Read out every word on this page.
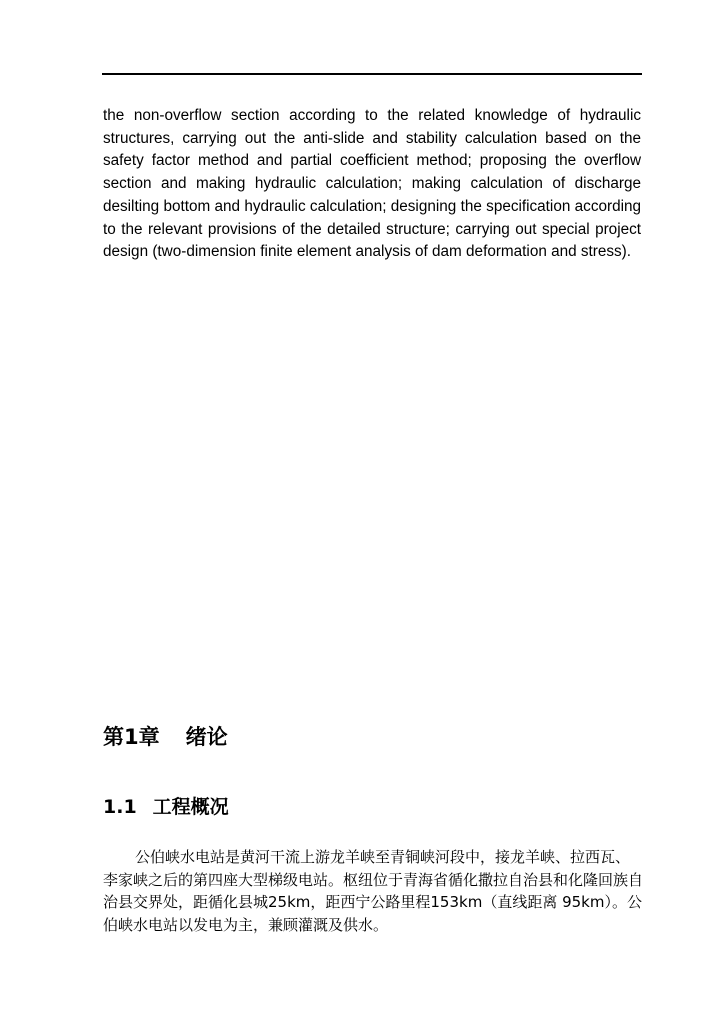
the non-overflow section according to the related knowledge of hydraulic structures, carrying out the anti-slide and stability calculation based on the safety factor method and partial coefficient method; proposing the overflow section and making hydraulic calculation; making calculation of discharge desilting bottom and hydraulic calculation; designing the specification according to the relevant provisions of the detailed structure; carrying out special project design (two-dimension finite element analysis of dam deformation and stress).

第1章 绪论
1.1 工程概况

公伯峡水电站是黄河干流上游龙羊峡至青铜峡河段中，接龙羊峡、拉西瓦、李家峡之后的第四座大型梯级电站。枢纽位于青海省循化撒拉自治县和化隆回族自治县交界处，距循化县城25km，距西宁公路里程153km（直线距离 95km）。公伯峡水电站以发电为主，兼顾灌溉及供水。
